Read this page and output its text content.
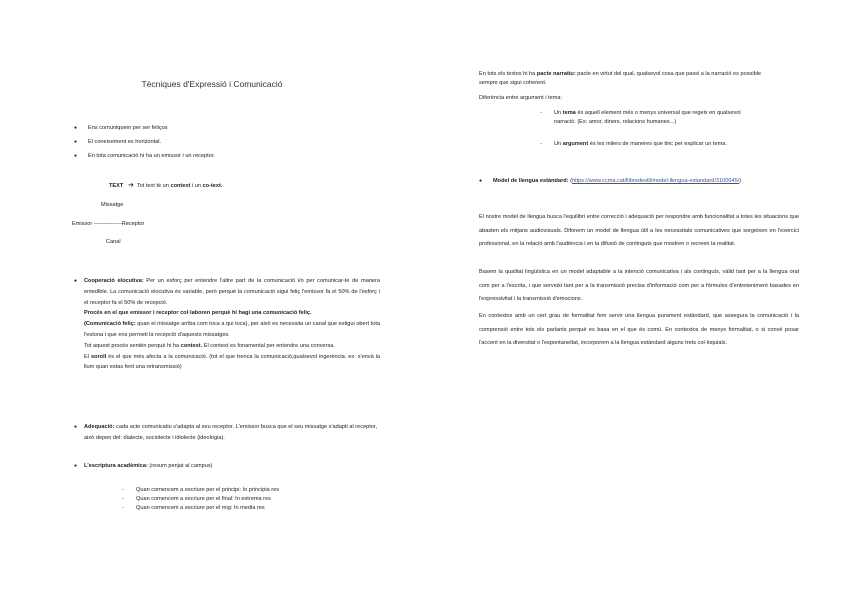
Tècniques d'Expressió i Comunicació
● Ens comuniquem per ser feliços
● El coneixement es horizontal.
● En tota comunicació hi ha un emissor i un receptor.
TEXT ➔ Tot text té un context i un co-text.
Missatge
Emissor ---------------Receptor
Canal
● Cooperació elocutiva: Per un esforç per entendre l'altre part de la comunicació i/o per comunicar-te de manera entedible. La comunicació elocutiva és variable, però perquè la comunicació sigui feliç l'emissor fa el 50% de l'esforç i el receptor fa el 50% de recepció.
Procés en el que emissor i receptor col·laboren perquè hi hagi una comunicació feliç.
(Comunicació feliç: quan el missatge arriba com toca a qui toca), per això es necessita un canal que estigui obert tota l'estona i que ens permeti la recepció d'aquests missatges.
Tot aquest procés sentén perquè hi ha context. El context es fonamental per entendre una conversa.
El soroll és el que més afecta a la comunicació. (tot el que trenca la comunicació,qualsevol ingerència. ex: s'envà la llum quan estas fent una retransmissió)
● Adequació: cada acte comunicatiu s'adapta al seu receptor. L'emissor busca que el seu missatge s'adapti al receptor, això depen del: dialecte, sociolecte i idiolecte (ideologia).
● L'escriptura acadèmica: (resum penjat al campus)
- Quan comencem a escriure per el principi: In principia res
- Quan comencem a escriure per el final: In extrema res
- Quan comencem a escriure per el mig: In media res
En tots els textos hi ha pacte narratiu: pacte en virtut del qual, qualsevol cosa que passi a la narració es possible sempre que sigui coherent.
Diferència entre argument i tema:
- Un tema és aquell element més o menys universal que regeix en qualsevol narració. (Ex: amor, diners, relacions humanes...)
- Un argument és les milers de maneres que tinc per explicar un tema.
● Model de llengua estàndard: (https://www.ccma.cat/llibredestil/model-llengua-estandard/3100045/)
El nostre model de llengua busca l'equilibri entre correcció i adequació per respondre amb funcionalitat a totes les situacions que abasten els mitjans audiovisuals. Difonem un model de llengua útil a les necessitats comunicatives que sorgeixen en l'exercici professional, en la relació amb l'audiència i en la difusió de continguts que mostren o recreen la realitat.
Basem la qualitat lingüística en un model adaptable a la intenció comunicativa i als continguts, vàlid tant per a la llengua oral com per a l'escrita, i que serveixi tant per a la transmissió precisa d'informació com per a fórmules d'entreteniment basades en l'expressivitat i la transmissió d'emocions.
En contextos amb un cert grau de formalitat fem servir una llengua purament estàndard, que assegura la comunicació i la comprensió entre tots els parlants perquè es basa en el que és comú. En contextos de menys formalitat, o si convé posar l'accent en la diversitat o l'espontaneïtat, incorporem a la llengua estàndard alguns trets col·loquials.
